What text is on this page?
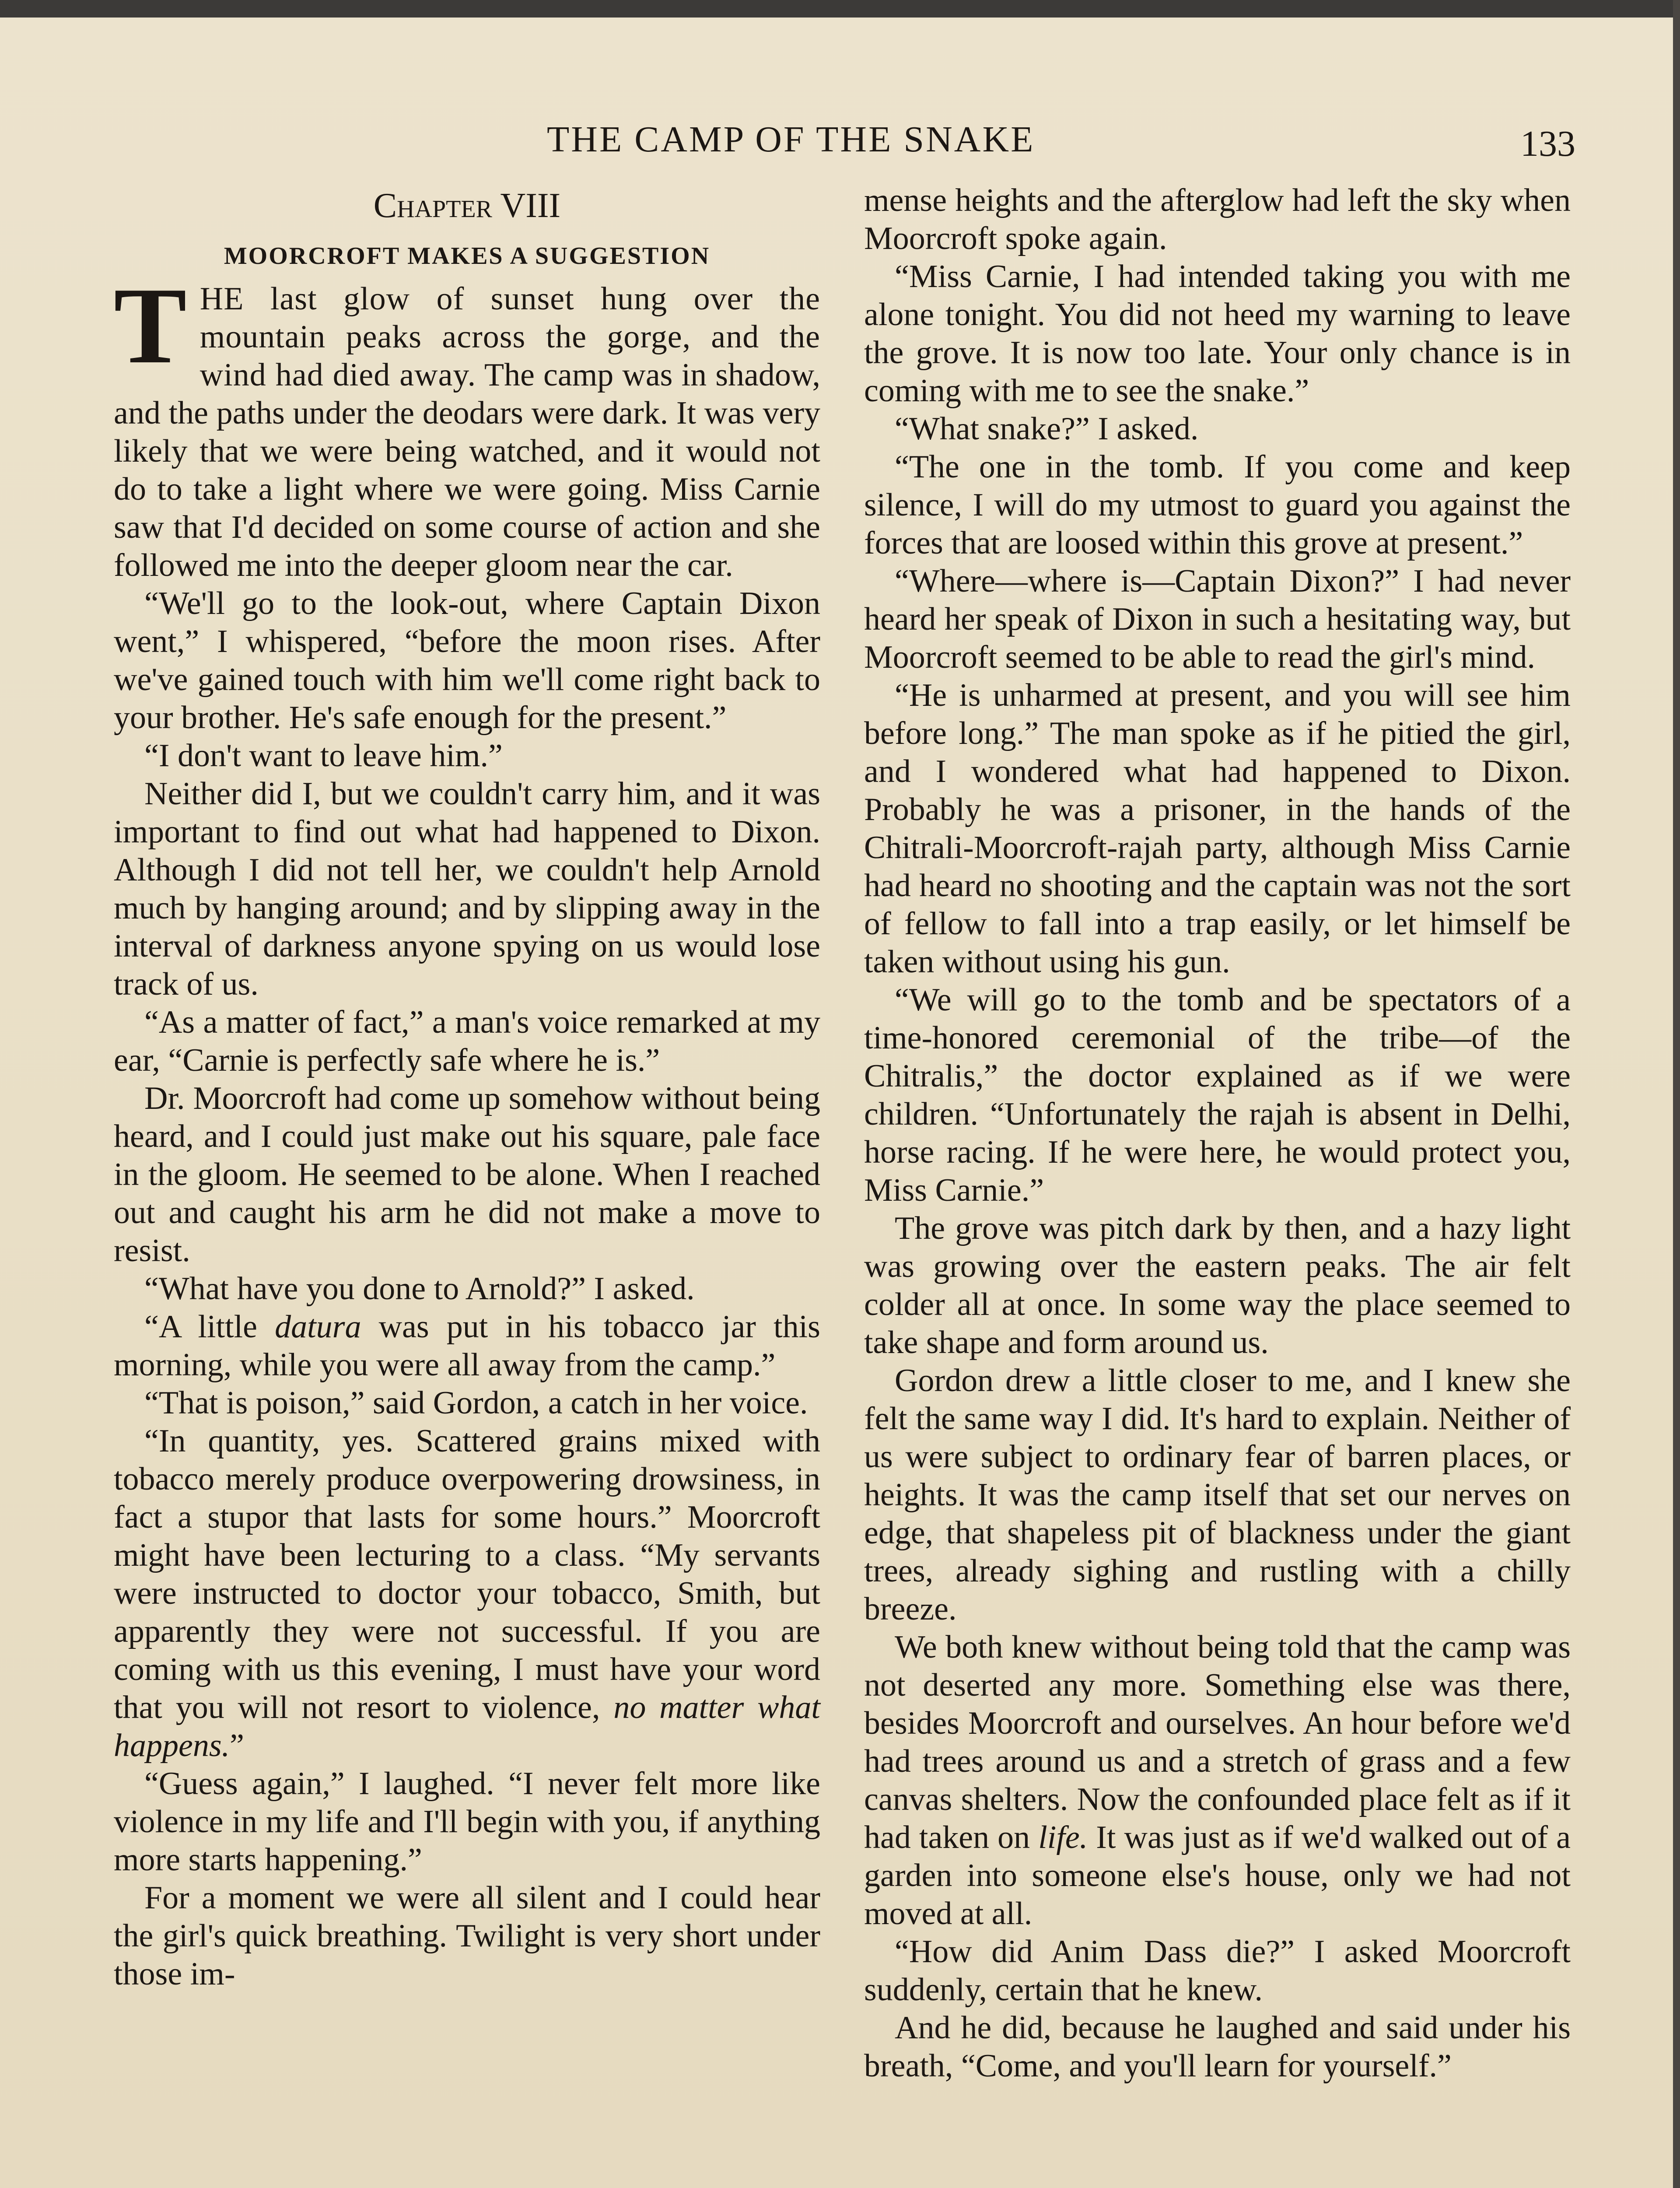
THE CAMP OF THE SNAKE	133
Chapter VIII
MOORCROFT MAKES A SUGGESTION

THE last glow of sunset hung over the mountain peaks across the gorge, and the wind had died away. The camp was in shadow, and the paths under the deodars were dark. It was very likely that we were being watched, and it would not do to take a light where we were going. Miss Carnie saw that I'd decided on some course of action and she followed me into the deeper gloom near the car.

“We'll go to the look-out, where Captain Dixon went,” I whispered, “before the moon rises. After we've gained touch with him we'll come right back to your brother. He's safe enough for the present.”

“I don't want to leave him.”

Neither did I, but we couldn't carry him, and it was important to find out what had happened to Dixon. Although I did not tell her, we couldn't help Arnold much by hanging around; and by slipping away in the interval of darkness anyone spying on us would lose track of us.

“As a matter of fact,” a man's voice remarked at my ear, “Carnie is perfectly safe where he is.”

Dr. Moorcroft had come up somehow without being heard, and I could just make out his square, pale face in the gloom. He seemed to be alone. When I reached out and caught his arm he did not make a move to resist.

“What have you done to Arnold?” I asked.

“A little datura was put in his tobacco jar this morning, while you were all away from the camp.”

“That is poison,” said Gordon, a catch in her voice.

“In quantity, yes. Scattered grains mixed with tobacco merely produce overpowering drowsiness, in fact a stupor that lasts for some hours.” Moorcroft might have been lecturing to a class. “My servants were instructed to doctor your tobacco, Smith, but apparently they were not successful. If you are coming with us this evening, I must have your word that you will not resort to violence, no matter what happens.”

“Guess again,” I laughed. “I never felt more like violence in my life and I'll begin with you, if anything more starts happening.”

For a moment we were all silent and I could hear the girl's quick breathing. Twilight is very short under those im-

mense heights and the afterglow had left the sky when Moorcroft spoke again.

“Miss Carnie, I had intended taking you with me alone tonight. You did not heed my warning to leave the grove. It is now too late. Your only chance is in coming with me to see the snake.”

“What snake?” I asked.

“The one in the tomb. If you come and keep silence, I will do my utmost to guard you against the forces that are loosed within this grove at present.”

“Where—where is—Captain Dixon?” I had never heard her speak of Dixon in such a hesitating way, but Moorcroft seemed to be able to read the girl's mind.

“He is unharmed at present, and you will see him before long.” The man spoke as if he pitied the girl, and I wondered what had happened to Dixon. Probably he was a prisoner, in the hands of the Chitrali-Moorcroft-rajah party, although Miss Carnie had heard no shooting and the captain was not the sort of fellow to fall into a trap easily, or let himself be taken without using his gun.

“We will go to the tomb and be spectators of a time-honored ceremonial of the tribe—of the Chitralis,” the doctor explained as if we were children. “Unfortunately the rajah is absent in Delhi, horse racing. If he were here, he would protect you, Miss Carnie.”

The grove was pitch dark by then, and a hazy light was growing over the eastern peaks. The air felt colder all at once. In some way the place seemed to take shape and form around us.

Gordon drew a little closer to me, and I knew she felt the same way I did. It's hard to explain. Neither of us were subject to ordinary fear of barren places, or heights. It was the camp itself that set our nerves on edge, that shapeless pit of blackness under the giant trees, already sighing and rustling with a chilly breeze.

We both knew without being told that the camp was not deserted any more. Something else was there, besides Moorcroft and ourselves. An hour before we'd had trees around us and a stretch of grass and a few canvas shelters. Now the confounded place felt as if it had taken on life. It was just as if we'd walked out of a garden into someone else's house, only we had not moved at all.

“How did Anim Dass die?” I asked Moorcroft suddenly, certain that he knew.

And he did, because he laughed and said under his breath, “Come, and you'll learn for yourself.”
